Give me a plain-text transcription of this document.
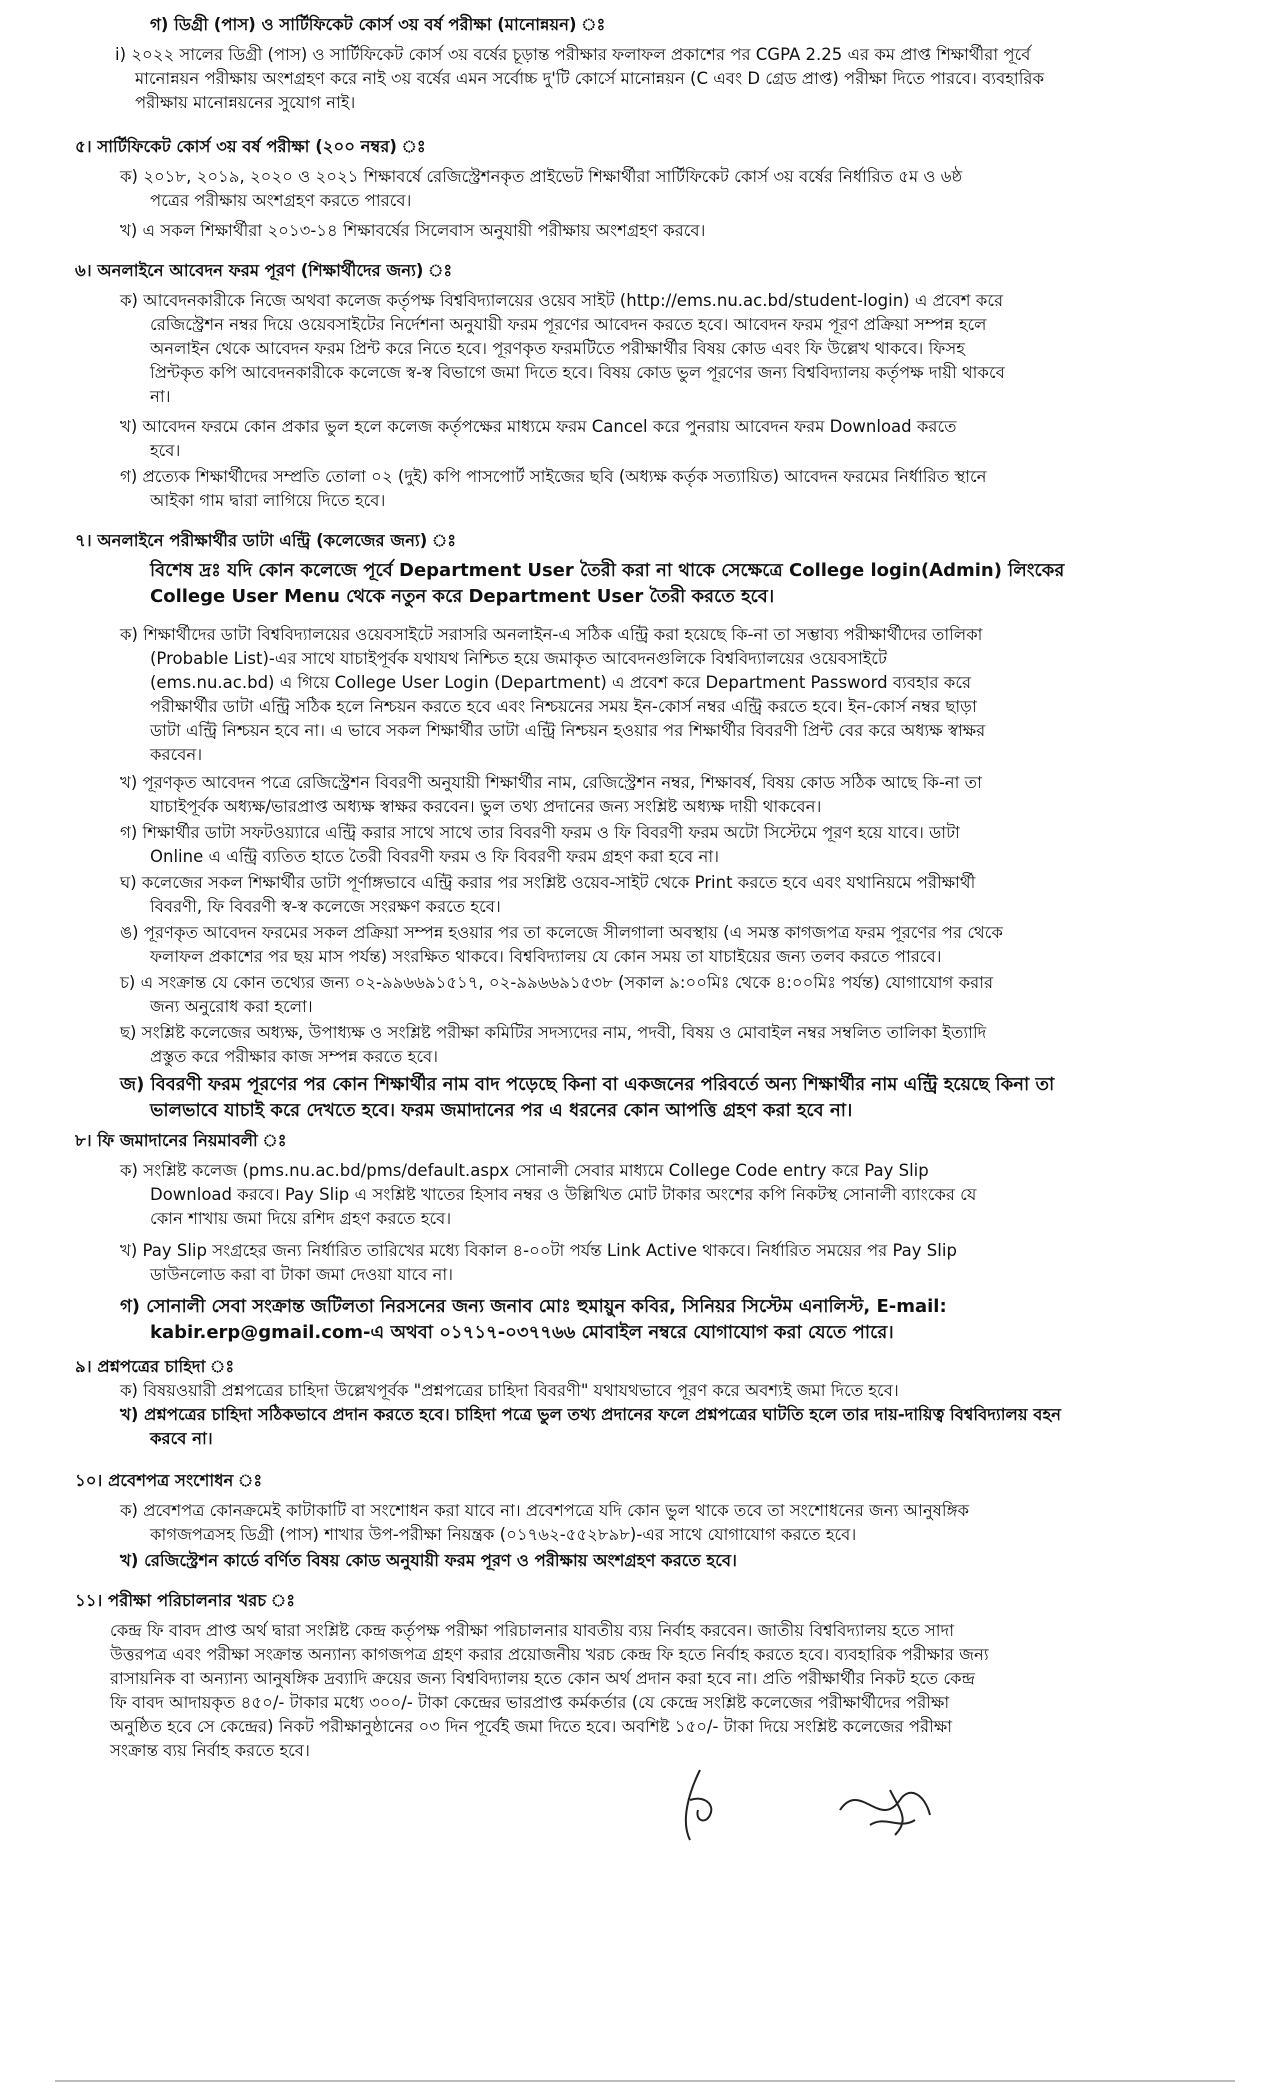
গ) ডিগ্রী (পাস) ও সার্টিফিকেট কোর্স ৩য় বর্ষ পরীক্ষা (মানোন্নয়ন) ঃ
i) ২০২২ সালের ডিগ্রী (পাস) ও সার্টিফিকেট কোর্স ৩য় বর্ষের চূড়ান্ত পরীক্ষার ফলাফল প্রকাশের পর CGPA 2.25 এর কম প্রাপ্ত শিক্ষার্থীরা পূর্বে
মানোন্নয়ন পরীক্ষায় অংশগ্রহণ করে নাই ৩য় বর্ষের এমন সর্বোচ্চ দু'টি কোর্সে মানোন্নয়ন (C এবং D গ্রেড প্রাপ্ত) পরীক্ষা দিতে পারবে। ব্যবহারিক
পরীক্ষায় মানোন্নয়নের সুযোগ নাই।
৫। সার্টিফিকেট কোর্স ৩য় বর্ষ পরীক্ষা (২০০ নম্বর) ঃ
ক) ২০১৮, ২০১৯, ২০২০ ও ২০২১ শিক্ষাবর্ষে রেজিস্ট্রেশনকৃত প্রাইভেট শিক্ষার্থীরা সার্টিফিকেট কোর্স ৩য় বর্ষের নির্ধারিত ৫ম ও ৬ষ্ঠ
পত্রের পরীক্ষায় অংশগ্রহণ করতে পারবে।
খ) এ সকল শিক্ষার্থীরা ২০১৩-১৪ শিক্ষাবর্ষের সিলেবাস অনুযায়ী পরীক্ষায় অংশগ্রহণ করবে।
৬। অনলাইনে আবেদন ফরম পূরণ (শিক্ষার্থীদের জন্য) ঃ
ক) আবেদনকারীকে নিজে অথবা কলেজ কর্তৃপক্ষ বিশ্ববিদ্যালয়ের ওয়েব সাইট (http://ems.nu.ac.bd/student-login) এ প্রবেশ করে
রেজিস্ট্রেশন নম্বর দিয়ে ওয়েবসাইটের নির্দেশনা অনুযায়ী ফরম পূরণের আবেদন করতে হবে। আবেদন ফরম পূরণ প্রক্রিয়া সম্পন্ন হলে
অনলাইন থেকে আবেদন ফরম প্রিন্ট করে নিতে হবে। পূরণকৃত ফরমটিতে পরীক্ষার্থীর বিষয় কোড এবং ফি উল্লেখ থাকবে। ফিসহ
প্রিন্টকৃত কপি আবেদনকারীকে কলেজে স্ব-স্ব বিভাগে জমা দিতে হবে। বিষয় কোড ভুল পূরণের জন্য বিশ্ববিদ্যালয় কর্তৃপক্ষ দায়ী থাকবে
না।
খ) আবেদন ফরমে কোন প্রকার ভুল হলে কলেজ কর্তৃপক্ষের মাধ্যমে ফরম Cancel করে পুনরায় আবেদন ফরম Download করতে
হবে।
গ) প্রত্যেক শিক্ষার্থীদের সম্প্রতি তোলা ০২ (দুই) কপি পাসপোর্ট সাইজের ছবি (অধ্যক্ষ কর্তৃক সত্যায়িত) আবেদন ফরমের নির্ধারিত স্থানে
আইকা গাম দ্বারা লাগিয়ে দিতে হবে।
৭। অনলাইনে পরীক্ষার্থীর ডাটা এন্ট্রি (কলেজের জন্য) ঃ
বিশেষ দ্রঃ যদি কোন কলেজে পূর্বে Department User তৈরী করা না থাকে সেক্ষেত্রে College login(Admin) লিংকের
College User Menu থেকে নতুন করে Department User তৈরী করতে হবে।
ক) শিক্ষার্থীদের ডাটা বিশ্ববিদ্যালয়ের ওয়েবসাইটে সরাসরি অনলাইন-এ সঠিক এন্ট্রি করা হয়েছে কি-না তা সম্ভাব্য পরীক্ষার্থীদের তালিকা
(Probable List)-এর সাথে যাচাইপূর্বক যথাযথ নিশ্চিত হয়ে জমাকৃত আবেদনগুলিকে বিশ্ববিদ্যালয়ের ওয়েবসাইটে
(ems.nu.ac.bd) এ গিয়ে College User Login (Department) এ প্রবেশ করে Department Password ব্যবহার করে
পরীক্ষার্থীর ডাটা এন্ট্রি সঠিক হলে নিশ্চয়ন করতে হবে এবং নিশ্চয়নের সময় ইন-কোর্স নম্বর এন্ট্রি করতে হবে। ইন-কোর্স নম্বর ছাড়া
ডাটা এন্ট্রি নিশ্চয়ন হবে না। এ ভাবে সকল শিক্ষার্থীর ডাটা এন্ট্রি নিশ্চয়ন হওয়ার পর শিক্ষার্থীর বিবরণী প্রিন্ট বের করে অধ্যক্ষ স্বাক্ষর
করবেন।
খ) পূরণকৃত আবেদন পত্রে রেজিস্ট্রেশন বিবরণী অনুযায়ী শিক্ষার্থীর নাম, রেজিস্ট্রেশন নম্বর, শিক্ষাবর্ষ, বিষয় কোড সঠিক আছে কি-না তা
যাচাইপূর্বক অধ্যক্ষ/ভারপ্রাপ্ত অধ্যক্ষ স্বাক্ষর করবেন। ভুল তথ্য প্রদানের জন্য সংশ্লিষ্ট অধ্যক্ষ দায়ী থাকবেন।
গ) শিক্ষার্থীর ডাটা সফটওয়্যারে এন্ট্রি করার সাথে সাথে তার বিবরণী ফরম ও ফি বিবরণী ফরম অটো সিস্টেমে পূরণ হয়ে যাবে। ডাটা
Online এ এন্ট্রি ব্যতিত হাতে তৈরী বিবরণী ফরম ও ফি বিবরণী ফরম গ্রহণ করা হবে না।
ঘ) কলেজের সকল শিক্ষার্থীর ডাটা পূর্ণাঙ্গভাবে এন্ট্রি করার পর সংশ্লিষ্ট ওয়েব-সাইট থেকে Print করতে হবে এবং যথানিয়মে পরীক্ষার্থী
বিবরণী, ফি বিবরণী স্ব-স্ব কলেজে সংরক্ষণ করতে হবে।
ঙ) পূরণকৃত আবেদন ফরমের সকল প্রক্রিয়া সম্পন্ন হওয়ার পর তা কলেজে সীলগালা অবস্থায় (এ সমস্ত কাগজপত্র ফরম পূরণের পর থেকে
ফলাফল প্রকাশের পর ছয় মাস পর্যন্ত) সংরক্ষিত থাকবে। বিশ্ববিদ্যালয় যে কোন সময় তা যাচাইয়ের জন্য তলব করতে পারবে।
চ) এ সংক্রান্ত যে কোন তথ্যের জন্য ০২-৯৯৬৬৯১৫১৭, ০২-৯৯৬৬৯১৫৩৮ (সকাল ৯:০০মিঃ থেকে ৪:০০মিঃ পর্যন্ত) যোগাযোগ করার
জন্য অনুরোধ করা হলো।
ছ) সংশ্লিষ্ট কলেজের অধ্যক্ষ, উপাধ্যক্ষ ও সংশ্লিষ্ট পরীক্ষা কমিটির সদস্যদের নাম, পদবী, বিষয় ও মোবাইল নম্বর সম্বলিত তালিকা ইত্যাদি
প্রস্তুত করে পরীক্ষার কাজ সম্পন্ন করতে হবে।
জ) বিবরণী ফরম পূরণের পর কোন শিক্ষার্থীর নাম বাদ পড়েছে কিনা বা একজনের পরিবর্তে অন্য শিক্ষার্থীর নাম এন্ট্রি হয়েছে কিনা তা
ভালভাবে যাচাই করে দেখতে হবে। ফরম জমাদানের পর এ ধরনের কোন আপত্তি গ্রহণ করা হবে না।
৮। ফি জমাদানের নিয়মাবলী ঃ
ক) সংশ্লিষ্ট কলেজ (pms.nu.ac.bd/pms/default.aspx সোনালী সেবার মাধ্যমে College Code entry করে Pay Slip
Download করবে। Pay Slip এ সংশ্লিষ্ট খাতের হিসাব নম্বর ও উল্লিখিত মোট টাকার অংশের কপি নিকটস্থ সোনালী ব্যাংকের যে
কোন শাখায় জমা দিয়ে রশিদ গ্রহণ করতে হবে।
খ) Pay Slip সংগ্রহের জন্য নির্ধারিত তারিখের মধ্যে বিকাল ৪-০০টা পর্যন্ত Link Active থাকবে। নির্ধারিত সময়ের পর Pay Slip
ডাউনলোড করা বা টাকা জমা দেওয়া যাবে না।
গ) সোনালী সেবা সংক্রান্ত জটিলতা নিরসনের জন্য জনাব মোঃ হুমায়ুন কবির, সিনিয়র সিস্টেম এনালিস্ট, E-mail:
kabir.erp@gmail.com-এ অথবা ০১৭১৭-০৩৭৭৬৬ মোবাইল নম্বরে যোগাযোগ করা যেতে পারে।
৯। প্রশ্নপত্রের চাহিদা ঃ
ক) বিষয়ওয়ারী প্রশ্নপত্রের চাহিদা উল্লেখপূর্বক "প্রশ্নপত্রের চাহিদা বিবরণী" যথাযথভাবে পূরণ করে অবশ্যই জমা দিতে হবে।
খ) প্রশ্নপত্রের চাহিদা সঠিকভাবে প্রদান করতে হবে। চাহিদা পত্রে ভুল তথ্য প্রদানের ফলে প্রশ্নপত্রের ঘাটতি হলে তার দায়-দায়িত্ব বিশ্ববিদ্যালয় বহন
করবে না।
১০। প্রবেশপত্র সংশোধন ঃ
ক) প্রবেশপত্র কোনক্রমেই কাটাকাটি বা সংশোধন করা যাবে না। প্রবেশপত্রে যদি কোন ভুল থাকে তবে তা সংশোধনের জন্য আনুষঙ্গিক
কাগজপত্রসহ ডিগ্রী (পাস) শাখার উপ-পরীক্ষা নিয়ন্ত্রক (০১৭৬২-৫৫২৮৯৮)-এর সাথে যোগাযোগ করতে হবে।
খ) রেজিস্ট্রেশন কার্ডে বর্ণিত বিষয় কোড অনুযায়ী ফরম পূরণ ও পরীক্ষায় অংশগ্রহণ করতে হবে।
১১। পরীক্ষা পরিচালনার খরচ ঃ
কেন্দ্র ফি বাবদ প্রাপ্ত অর্থ দ্বারা সংশ্লিষ্ট কেন্দ্র কর্তৃপক্ষ পরীক্ষা পরিচালনার যাবতীয় ব্যয় নির্বাহ করবেন। জাতীয় বিশ্ববিদ্যালয় হতে সাদা
উত্তরপত্র এবং পরীক্ষা সংক্রান্ত অন্যান্য কাগজপত্র গ্রহণ করার প্রয়োজনীয় খরচ কেন্দ্র ফি হতে নির্বাহ করতে হবে। ব্যবহারিক পরীক্ষার জন্য
রাসায়নিক বা অন্যান্য আনুষঙ্গিক দ্রব্যাদি ক্রয়ের জন্য বিশ্ববিদ্যালয় হতে কোন অর্থ প্রদান করা হবে না। প্রতি পরীক্ষার্থীর নিকট হতে কেন্দ্র
ফি বাবদ আদায়কৃত ৪৫০/- টাকার মধ্যে ৩০০/- টাকা কেন্দ্রের ভারপ্রাপ্ত কর্মকর্তার (যে কেন্দ্রে সংশ্লিষ্ট কলেজের পরীক্ষার্থীদের পরীক্ষা
অনুষ্ঠিত হবে সে কেন্দ্রের) নিকট পরীক্ষানুষ্ঠানের ০৩ দিন পূর্বেই জমা দিতে হবে। অবশিষ্ট ১৫০/- টাকা দিয়ে সংশ্লিষ্ট কলেজের পরীক্ষা
সংক্রান্ত ব্যয় নির্বাহ করতে হবে।
